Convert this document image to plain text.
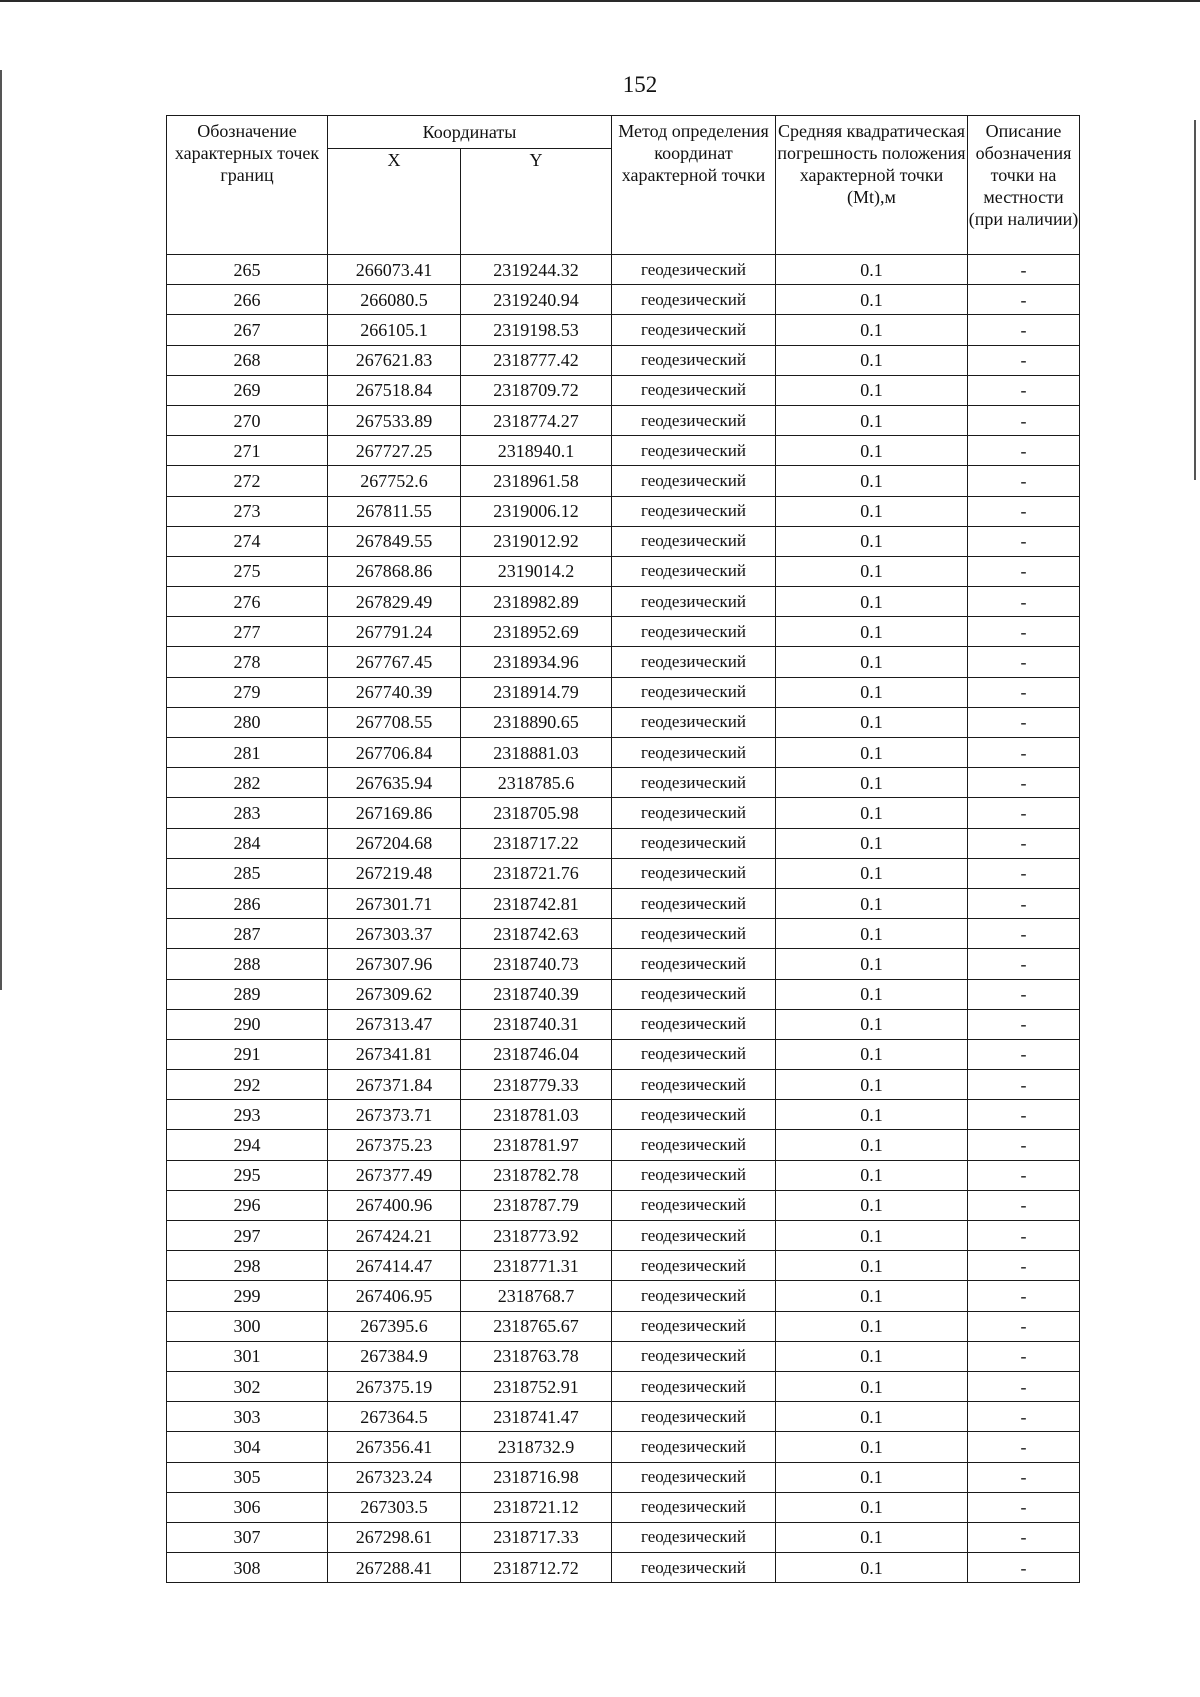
152
Обозначение характерных точек границ	Координаты		Метод определения координат характерной точки	Средняя квадратическая погрешность положения характерной точки (Mt),м	Описание обозначения точки на местности (при наличии)
	X	Y			
265	266073.41	2319244.32	геодезический	0.1	-
266	266080.5	2319240.94	геодезический	0.1	-
267	266105.1	2319198.53	геодезический	0.1	-
268	267621.83	2318777.42	геодезический	0.1	-
269	267518.84	2318709.72	геодезический	0.1	-
270	267533.89	2318774.27	геодезический	0.1	-
271	267727.25	2318940.1	геодезический	0.1	-
272	267752.6	2318961.58	геодезический	0.1	-
273	267811.55	2319006.12	геодезический	0.1	-
274	267849.55	2319012.92	геодезический	0.1	-
275	267868.86	2319014.2	геодезический	0.1	-
276	267829.49	2318982.89	геодезический	0.1	-
277	267791.24	2318952.69	геодезический	0.1	-
278	267767.45	2318934.96	геодезический	0.1	-
279	267740.39	2318914.79	геодезический	0.1	-
280	267708.55	2318890.65	геодезический	0.1	-
281	267706.84	2318881.03	геодезический	0.1	-
282	267635.94	2318785.6	геодезический	0.1	-
283	267169.86	2318705.98	геодезический	0.1	-
284	267204.68	2318717.22	геодезический	0.1	-
285	267219.48	2318721.76	геодезический	0.1	-
286	267301.71	2318742.81	геодезический	0.1	-
287	267303.37	2318742.63	геодезический	0.1	-
288	267307.96	2318740.73	геодезический	0.1	-
289	267309.62	2318740.39	геодезический	0.1	-
290	267313.47	2318740.31	геодезический	0.1	-
291	267341.81	2318746.04	геодезический	0.1	-
292	267371.84	2318779.33	геодезический	0.1	-
293	267373.71	2318781.03	геодезический	0.1	-
294	267375.23	2318781.97	геодезический	0.1	-
295	267377.49	2318782.78	геодезический	0.1	-
296	267400.96	2318787.79	геодезический	0.1	-
297	267424.21	2318773.92	геодезический	0.1	-
298	267414.47	2318771.31	геодезический	0.1	-
299	267406.95	2318768.7	геодезический	0.1	-
300	267395.6	2318765.67	геодезический	0.1	-
301	267384.9	2318763.78	геодезический	0.1	-
302	267375.19	2318752.91	геодезический	0.1	-
303	267364.5	2318741.47	геодезический	0.1	-
304	267356.41	2318732.9	геодезический	0.1	-
305	267323.24	2318716.98	геодезический	0.1	-
306	267303.5	2318721.12	геодезический	0.1	-
307	267298.61	2318717.33	геодезический	0.1	-
308	267288.41	2318712.72	геодезический	0.1	-
